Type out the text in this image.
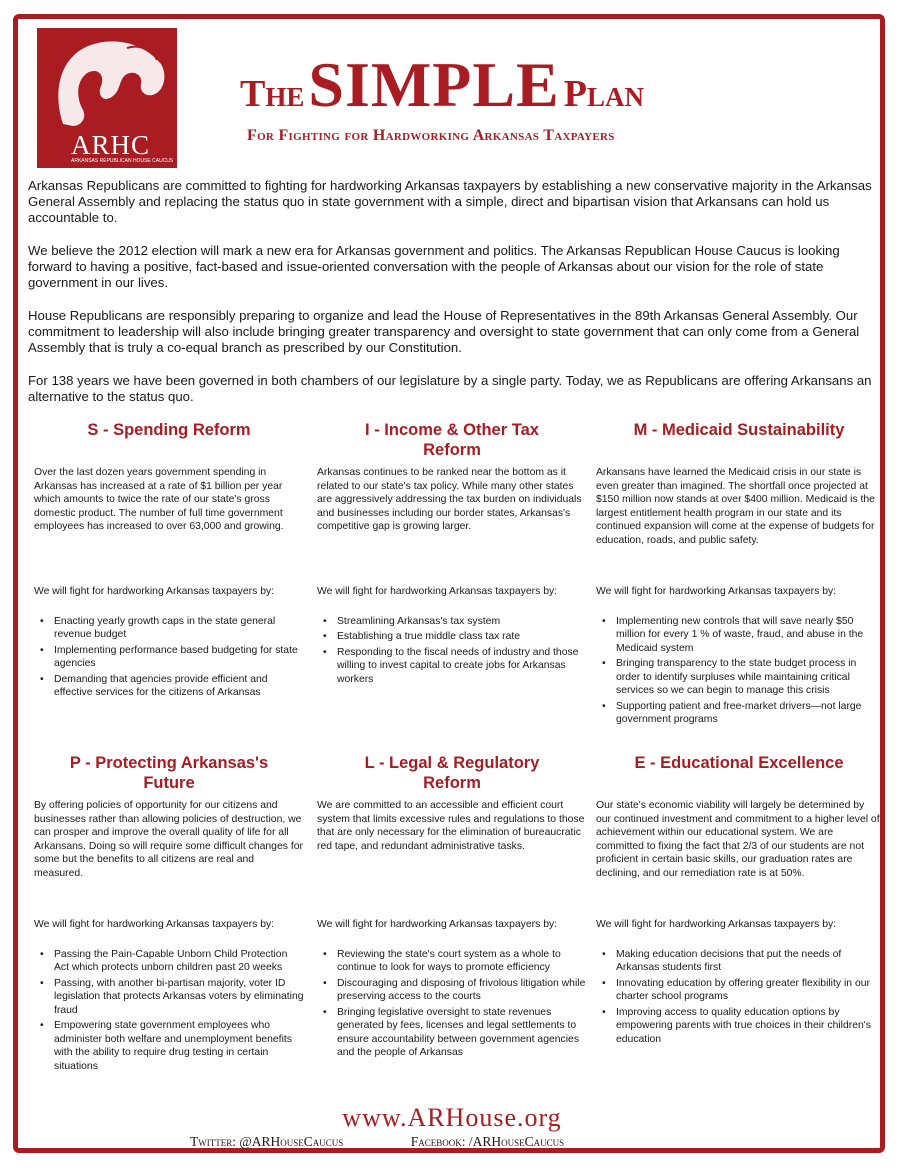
ARHC
ARKANSAS REPUBLICAN HOUSE CAUCUS
The SIMPLE Plan
For Fighting for Hardworking Arkansas Taxpayers

Arkansas Republicans are committed to fighting for hardworking Arkansas taxpayers by establishing a new conservative majority in the Arkansas General Assembly and replacing the status quo in state government with a simple, direct and bipartisan vision that Arkansans can hold us accountable to.

We believe the 2012 election will mark a new era for Arkansas government and politics. The Arkansas Republican House Caucus is looking forward to having a positive, fact-based and issue-oriented conversation with the people of Arkansas about our vision for the role of state government in our lives.

House Republicans are responsibly preparing to organize and lead the House of Representatives in the 89th Arkansas General Assembly. Our commitment to leadership will also include bringing greater transparency and oversight to state government that can only come from a General Assembly that is truly a co-equal branch as prescribed by our Constitution.

For 138 years we have been governed in both chambers of our legislature by a single party. Today, we as Republicans are offering Arkansans an alternative to the status quo.

S - Spending Reform

Over the last dozen years government spending in Arkansas has increased at a rate of $1 billion per year which amounts to twice the rate of our state's gross domestic product. The number of full time government employees has increased to over 63,000 and growing.

We will fight for hardworking Arkansas taxpayers by:

• Enacting yearly growth caps in the state general revenue budget
• Implementing performance based budgeting for state agencies
• Demanding that agencies provide efficient and effective services for the citizens of Arkansas
I - Income & Other Tax Reform

Arkansas continues to be ranked near the bottom as it related to our state's tax policy. While many other states are aggressively addressing the tax burden on individuals and businesses including our border states, Arkansas's competitive gap is growing larger.

We will fight for hardworking Arkansas taxpayers by:

• Streamlining Arkansas's tax system
• Establishing a true middle class tax rate
• Responding to the fiscal needs of industry and those willing to invest capital to create jobs for Arkansas workers
M - Medicaid Sustainability

Arkansans have learned the Medicaid crisis in our state is even greater than imagined. The shortfall once projected at $150 million now stands at over $400 million. Medicaid is the largest entitlement health program in our state and its continued expansion will come at the expense of budgets for education, roads, and public safety.

We will fight for hardworking Arkansas taxpayers by:

• Implementing new controls that will save nearly $50 million for every 1 % of waste, fraud, and abuse in the Medicaid system
• Bringing transparency to the state budget process in order to identify surpluses while maintaining critical services so we can begin to manage this crisis
• Supporting patient and free-market drivers—not large government programs
P - Protecting Arkansas's Future

By offering policies of opportunity for our citizens and businesses rather than allowing policies of destruction, we can prosper and improve the overall quality of life for all Arkansans. Doing so will require some difficult changes for some but the benefits to all citizens are real and measured.

We will fight for hardworking Arkansas taxpayers by:

• Passing the Pain-Capable Unborn Child Protection Act which protects unborn children past 20 weeks
• Passing, with another bi-partisan majority, voter ID legislation that protects Arkansas voters by eliminating fraud
• Empowering state government employees who administer both welfare and unemployment benefits with the ability to require drug testing in certain situations
L - Legal & Regulatory Reform

We are committed to an accessible and efficient court system that limits excessive rules and regulations to those that are only necessary for the elimination of bureaucratic red tape, and redundant administrative tasks.

We will fight for hardworking Arkansas taxpayers by:

• Reviewing the state's court system as a whole to continue to look for ways to promote efficiency
• Discouraging and disposing of frivolous litigation while preserving access to the courts
• Bringing legislative oversight to state revenues generated by fees, licenses and legal settlements to ensure accountability between government agencies and the people of Arkansas
E - Educational Excellence

Our state's economic viability will largely be determined by our continued investment and commitment to a higher level of achievement within our educational system. We are committed to fixing the fact that 2/3 of our students are not proficient in certain basic skills, our graduation rates are declining, and our remediation rate is at 50%.

We will fight for hardworking Arkansas taxpayers by:

• Making education decisions that put the needs of Arkansas students first
• Innovating education by offering greater flexibility in our charter school programs
• Improving access to quality education options by empowering parents with true choices in their children's education
www.ARHouse.org
Twitter: @ARHouseCaucus	Facebook: /ARHouseCaucus
